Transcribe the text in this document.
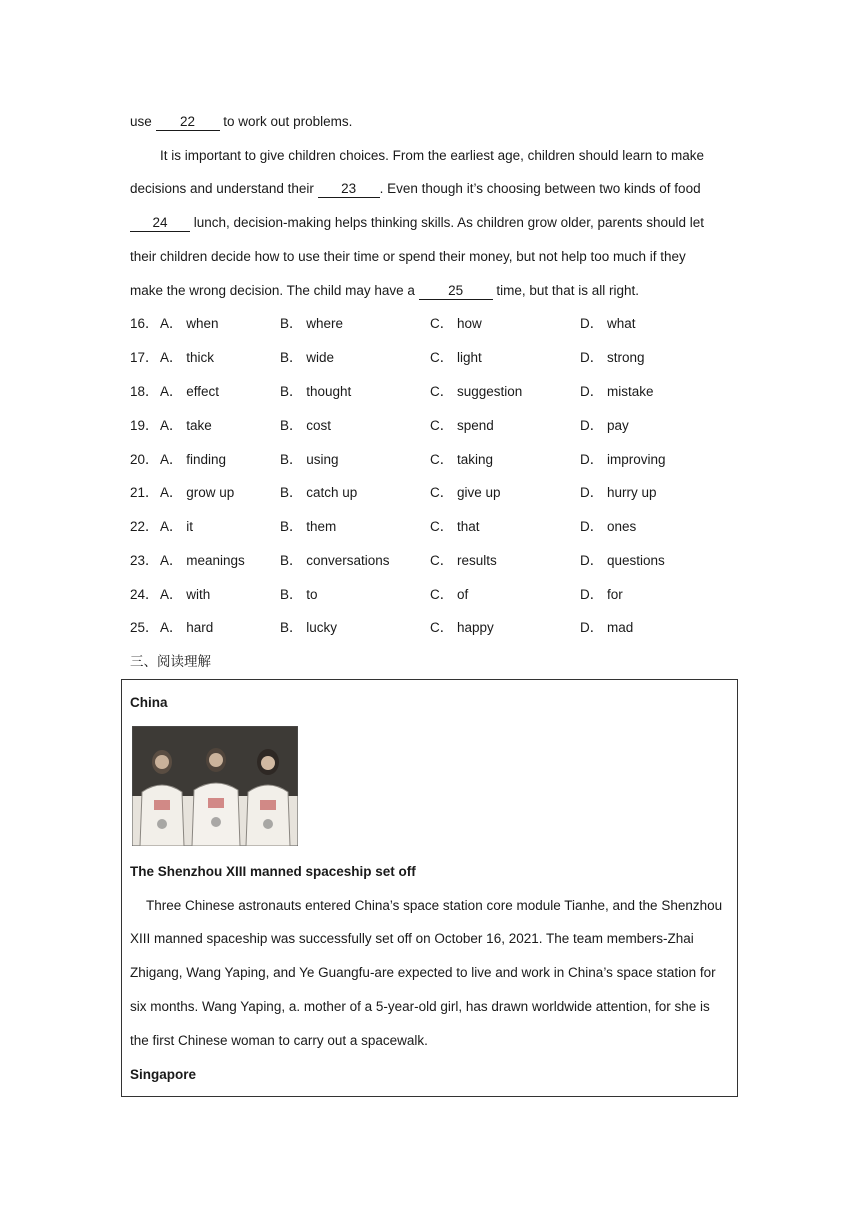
use 22 to work out problems.
It is important to give children choices. From the earliest age, children should learn to make
decisions and understand their 23 . Even though it’s choosing between two kinds of food
24 lunch, decision-making helps thinking skills. As children grow older, parents should let
their children decide how to use their time or spend their money, but not help too much if they
make the wrong decision. The child may have a 25 time, but that is all right.
16． A． when	B． where	C． how	D． what
17． A． thick	B． wide	C． light	D． strong
18． A． effect	B． thought	C． suggestion	D． mistake
19． A． take	B． cost	C． spend	D． pay
20． A． finding	B． using	C． taking	D． improving
21． A． grow up	B． catch up	C． give up	D． hurry up
22． A． it	B． them	C． that	D． ones
23． A． meanings	B． conversations	C． results	D． questions
24． A． with	B． to	C． of	D． for
25． A． hard	B． lucky	C． happy	D． mad
三、阅读理解
China
The Shenzhou XIII manned spaceship set off
Three Chinese astronauts entered China’s space station core module Tianhe, and the Shenzhou
XIII manned spaceship was successfully set off on October 16, 2021. The team members-Zhai
Zhigang, Wang Yaping, and Ye Guangfu-are expected to live and work in China’s space station for
six months. Wang Yaping, a. mother of a 5-year-old girl, has drawn worldwide attention, for she is
the first Chinese woman to carry out a spacewalk.
Singapore
